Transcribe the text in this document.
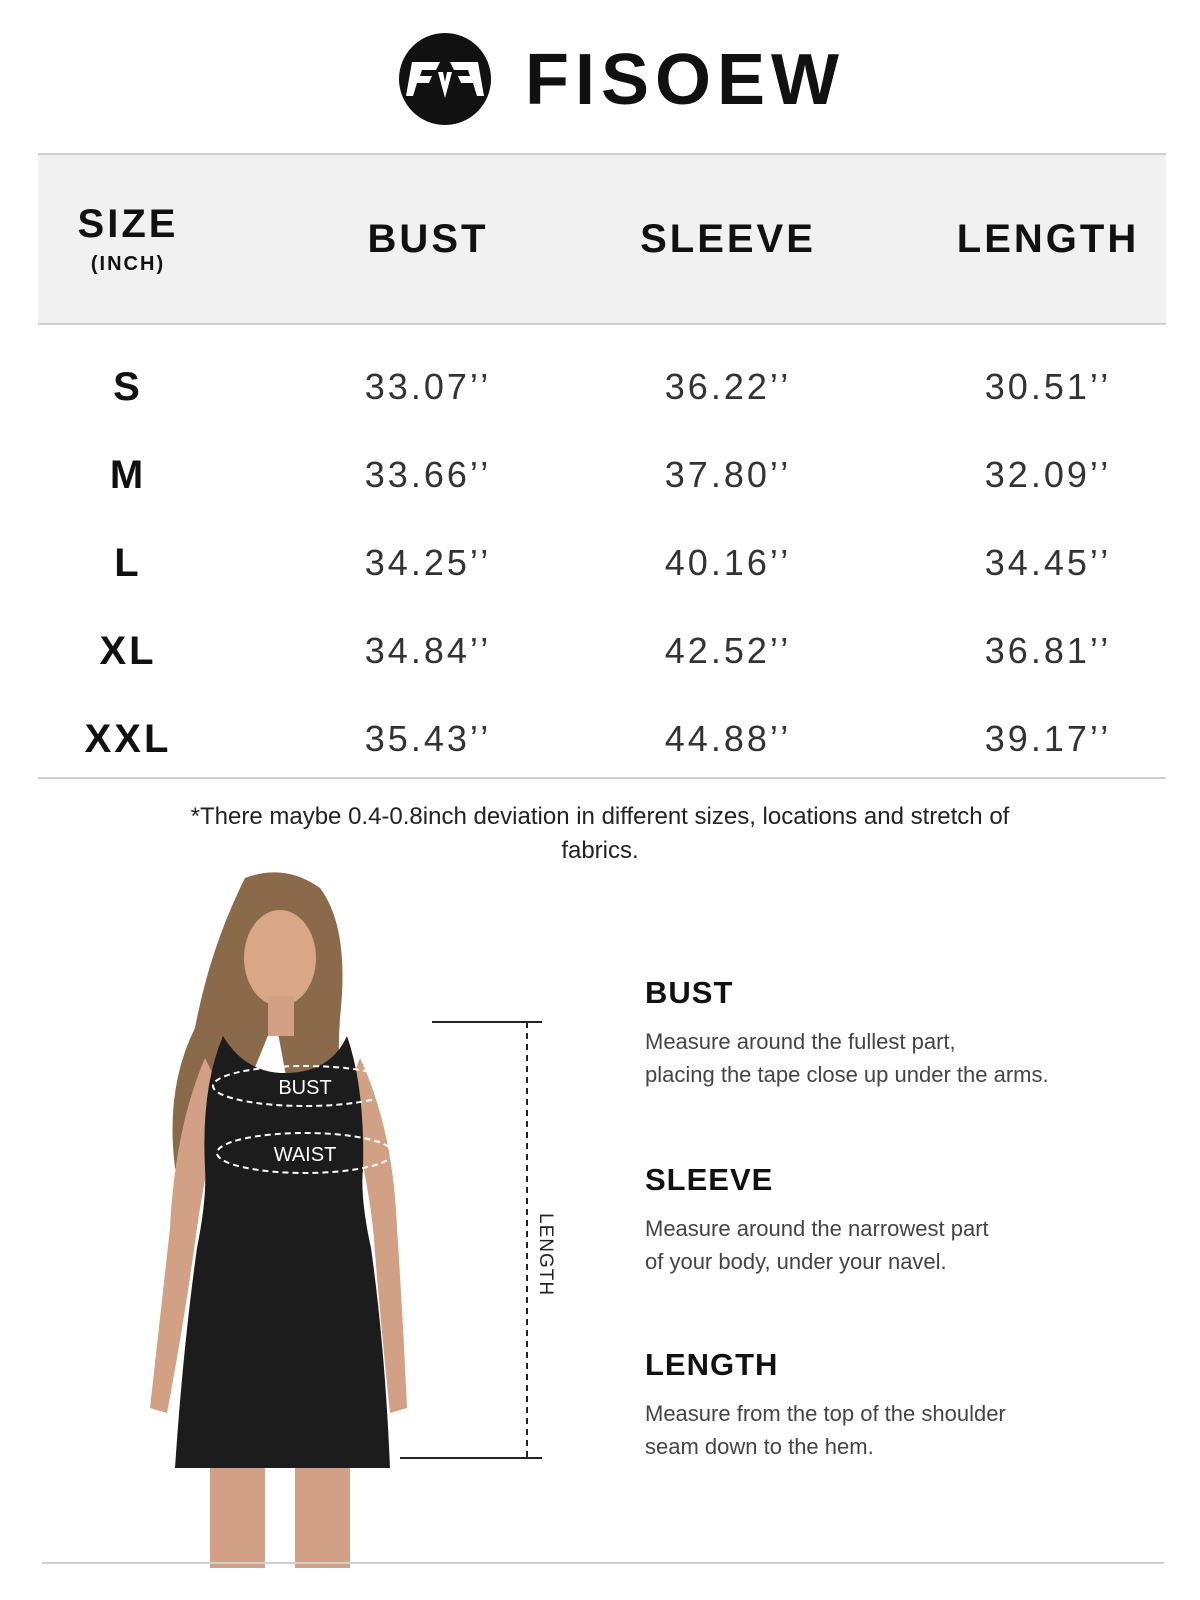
FISOEW
SIZE
(INCH)
BUST	SLEEVE	LENGTH
S	33.07’’	36.22’’	30.51’’
M	33.66’’	37.80’’	32.09’’
L	34.25’’	40.16’’	34.45’’
XL	34.84’’	42.52’’	36.81’’
XXL	35.43’’	44.88’’	39.17’’
*There maybe 0.4-0.8inch deviation in different sizes, locations and stretch of fabrics.
BUST
WAIST
LENGTH
BUST

Measure around the fullest part,
placing the tape close up under the arms.

SLEEVE

Measure around the narrowest part
of your body, under your navel.

LENGTH

Measure from the top of the shoulder
seam down to the hem.
